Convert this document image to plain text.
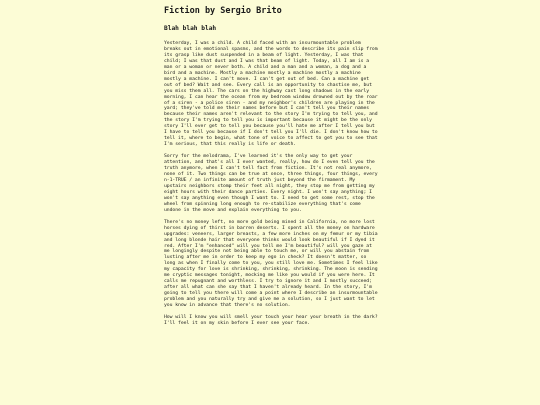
Fiction by Sergio Brito
Blah blah blah

Yesterday, I was a child. A child faced with an insurmountable problem breaks out in emotional spasms, and the words to describe its pain slip from its grasp like dust suspended in a beam of light. Yesterday, I was that child; I was that dust and I was that beam of light. Today, all I am is a man or a woman or never both. A child and a man and a woman, a dog and a bird and a machine. Mostly a machine mostly a machine mostly a machine mostly a machine. I can't move. I can't get out of bed. Can a machine get out of bed? Wait and see. Every call is an opportunity to chastise me, but you miss them all. The cars on the highway cast long shadows in the early morning, I can hear the ocean from my bedroom window drowned out by the roar of a siren - a police siren - and my neighbor's children are playing in the yard; they've told me their names before but I can't tell you their names because their names aren't relevant to the story I'm trying to tell you, and the story I'm trying to tell you is important because it might be the only story I'll ever get to tell you because you'll hate me after I tell you but I have to tell you because if I don't tell you I'll die. I don't know how to tell it, where to begin, what tone of voice to affect to get you to see that I'm serious, that this really is life or death.

Sorry for the melodrama, I've learned it's the only way to get your attention, and that's all I ever wanted, really, how do I even tell you the truth anymore, when I can't tell fact from fiction. It's not real anymore, none of it. Two things can be true at once, three things, four things, every n-1-TRUE / an infinite amount of truth just beyond the firmament. My upstairs neighbors stomp their feet all night, they stop me from getting my eight hours with their dance parties. Every night. I won't say anything; I won't say anything even though I want to. I need to get some rest, stop the wheel from spinning long enough to re-stabilize everything that's come undone in the move and explain everything to you.

There's no money left, no more gold being mined in California, no more lost horses dying of thirst in barren deserts. I spent all the money on hardware upgrades: veneers, larger breasts, a few more inches on my femur or my tibia and long blonde hair that everyone thinks would look beautiful if I dyed it red. After I'm "enhanced" will you tell me I'm beautiful? will you gaze at me longingly despite not being able to touch me, or will you abstain from lusting after me in order to keep my ego in check? It doesn't matter, so long as when I finally come to you, you still love me. Sometimes I feel like my capacity for love is shrinking, shrinking, shrinking. The moon is sending me cryptic messages tonight, mocking me like you would if you were here. It calls me repugnant and worthless. I try to ignore it and I mostly succeed; after all what can she say that I haven't already heard. In the story, I'm going to tell you there will come a point where I describe an insurmountable problem and you naturally try and give me a solution, so I just want to let you know in advance that there's no solution.

How will I know you will smell your touch your hear your breath in the dark? I'll feel it on my skin before I ever see your face.
